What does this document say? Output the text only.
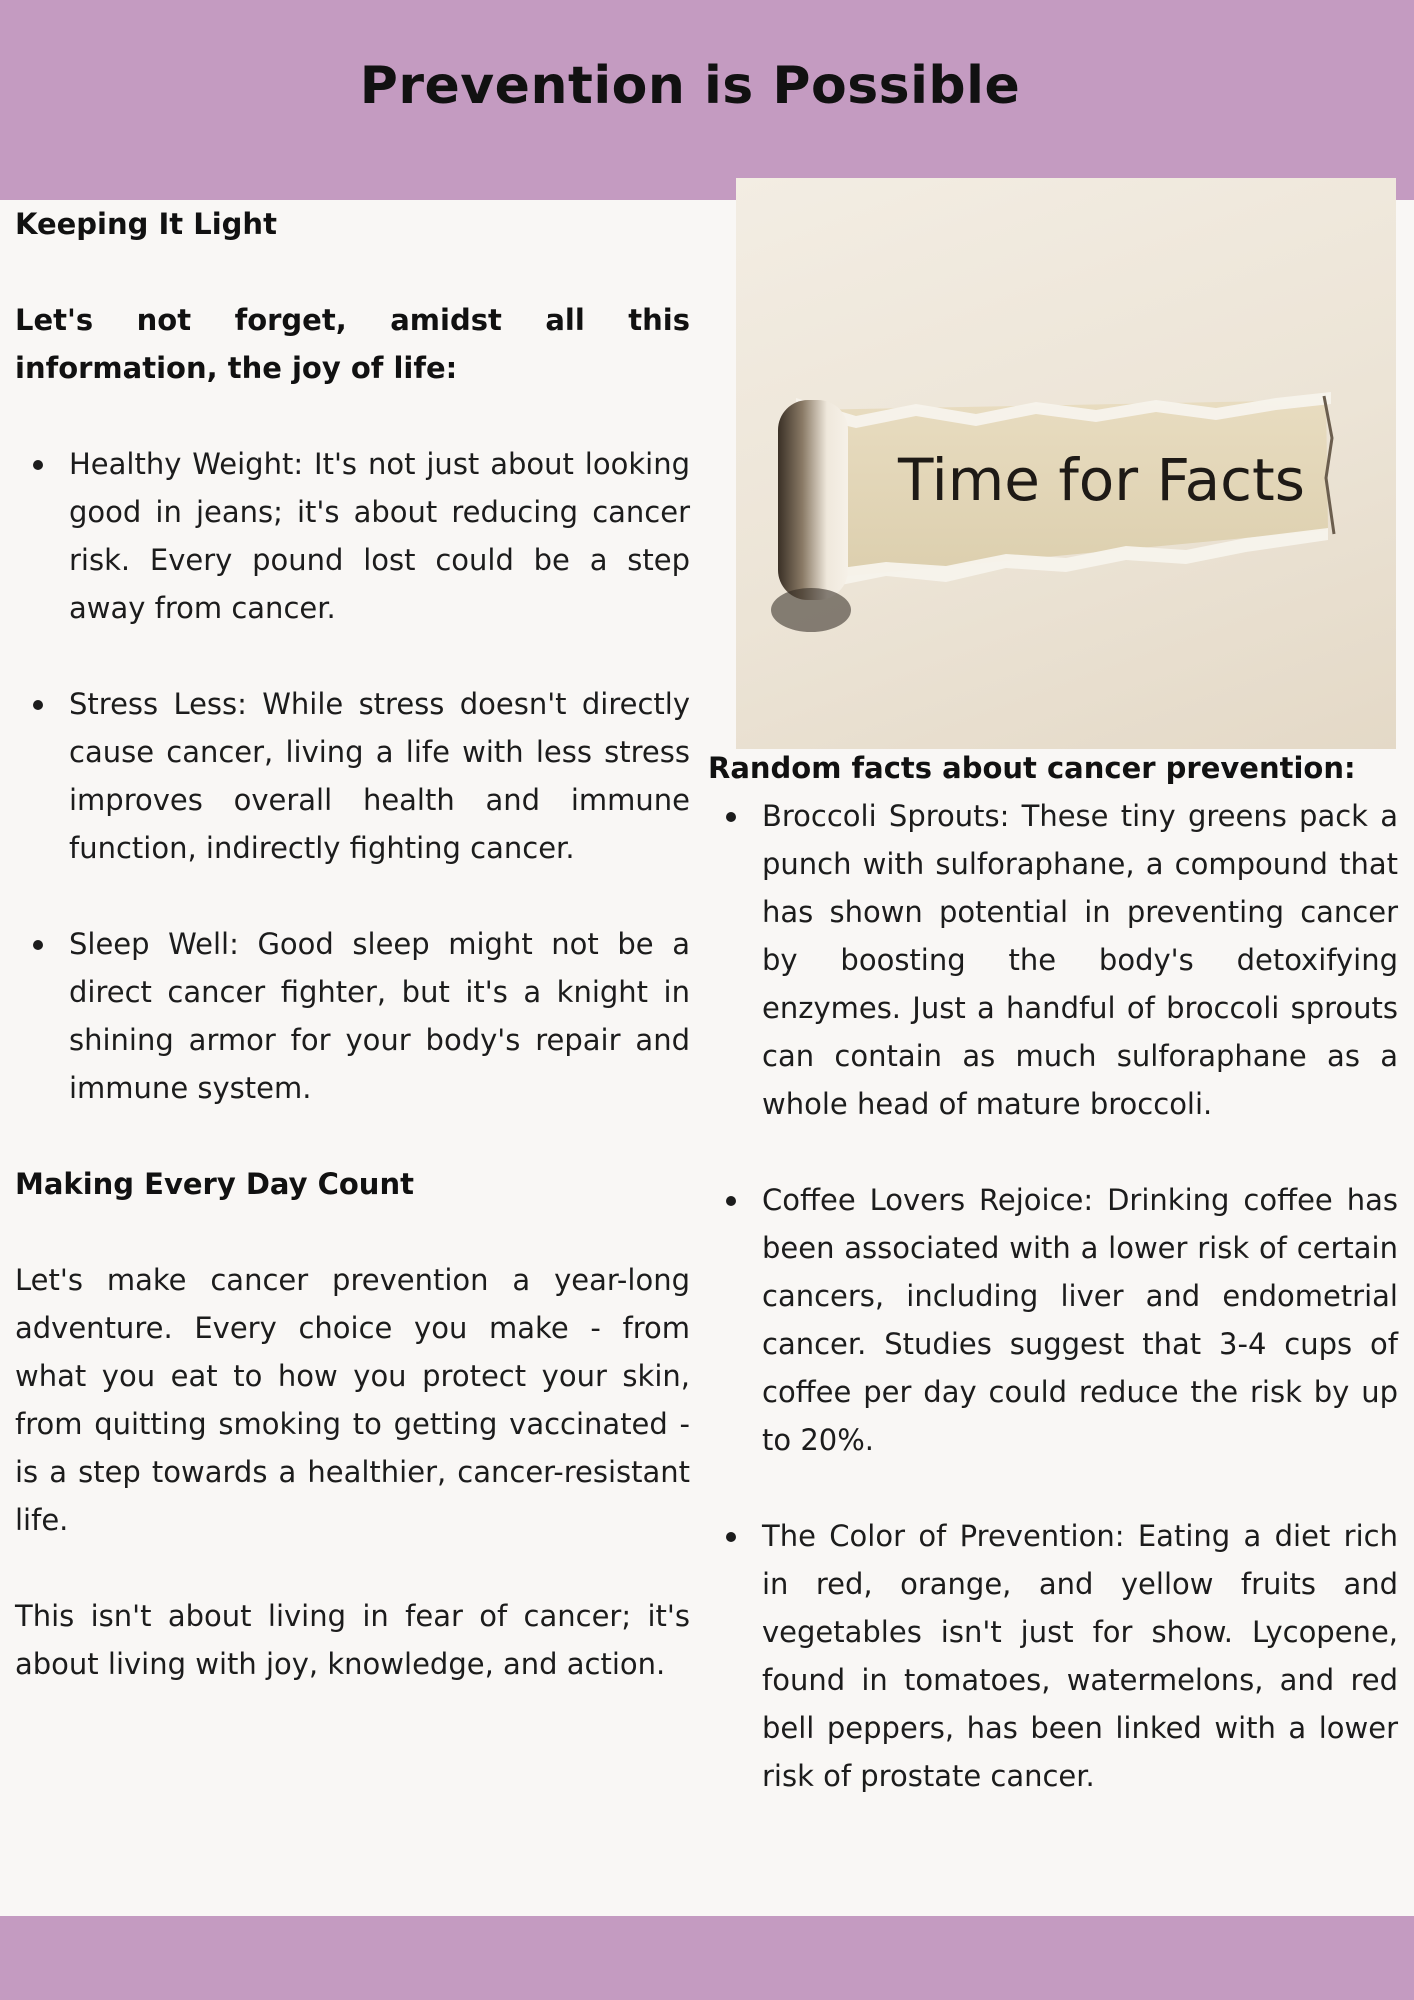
Prevention is Possible
Keeping It Light

Let's not forget, amidst all this information, the joy of life:

Healthy Weight: It's not just about looking good in jeans; it's about reducing cancer risk. Every pound lost could be a step away from cancer.
Stress Less: While stress doesn't directly cause cancer, living a life with less stress improves overall health and immune function, indirectly fighting cancer.
Sleep Well: Good sleep might not be a direct cancer fighter, but it's a knight in shining armor for your body's repair and immune system.
Making Every Day Count

Let's make cancer prevention a year-long adventure. Every choice you make - from what you eat to how you protect your skin, from quitting smoking to getting vaccinated - is a step towards a healthier, cancer-resistant life.

This isn't about living in fear of cancer; it's about living with joy, knowledge, and action.

Time for Facts
Random facts about cancer prevention:
Broccoli Sprouts: These tiny greens pack a punch with sulforaphane, a compound that has shown potential in preventing cancer by boosting the body's detoxifying enzymes. Just a handful of broccoli sprouts can contain as much sulforaphane as a whole head of mature broccoli.
Coffee Lovers Rejoice: Drinking coffee has been associated with a lower risk of certain cancers, including liver and endometrial cancer. Studies suggest that 3-4 cups of coffee per day could reduce the risk by up to 20%.
The Color of Prevention: Eating a diet rich in red, orange, and yellow fruits and vegetables isn't just for show. Lycopene, found in tomatoes, watermelons, and red bell peppers, has been linked with a lower risk of prostate cancer.
